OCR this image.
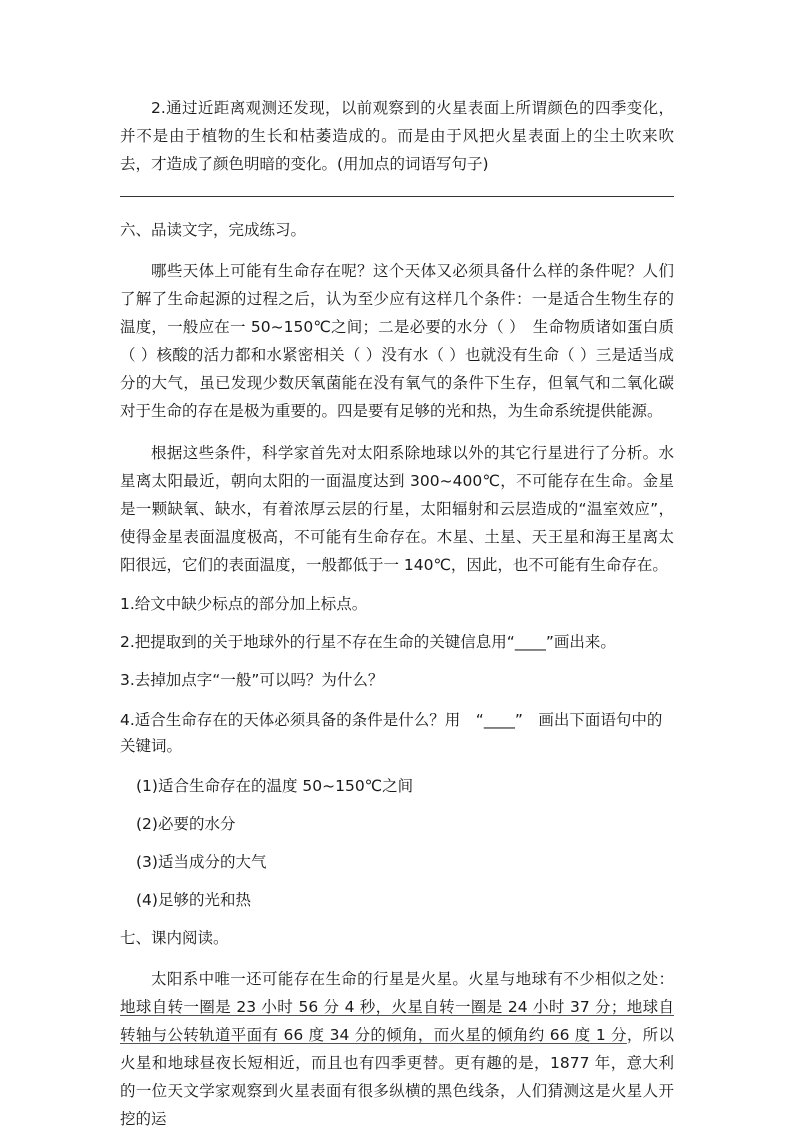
2.通过近距离观测还发现，以前观察到的火星表面上所谓颜色的四季变化，并不是由于植物的生长和枯萎造成的。而是由于风把火星表面上的尘土吹来吹去，才造成了颜色明暗的变化。(用加点的词语写句子)

六、品读文字，完成练习。

哪些天体上可能有生命存在呢？这个天体又必须具备什么样的条件呢？人们了解了生命起源的过程之后，认为至少应有这样几个条件：一是适合生物生存的温度，一般应在一 50~150℃之间；二是必要的水分（ ）　生命物质诸如蛋白质（ ）核酸的活力都和水紧密相关（ ）没有水（ ）也就没有生命（ ）三是适当成分的大气，虽已发现少数厌氧菌能在没有氧气的条件下生存，但氧气和二氧化碳对于生命的存在是极为重要的。四是要有足够的光和热，为生命系统提供能源。

根据这些条件，科学家首先对太阳系除地球以外的其它行星进行了分析。水星离太阳最近，朝向太阳的一面温度达到 300~400℃，不可能存在生命。金星是一颗缺氧、缺水，有着浓厚云层的行星，太阳辐射和云层造成的“温室效应”，使得金星表面温度极高，不可能有生命存在。木星、土星、天王星和海王星离太阳很远，它们的表面温度，一般都低于一 140℃，因此，也不可能有生命存在。

1.给文中缺少标点的部分加上标点。

2.把提取到的关于地球外的行星不存在生命的关键信息用“____”画出来。

3.去掉加点字“一般”可以吗？为什么？

4.适合生命存在的天体必须具备的条件是什么？用　“____”　画出下面语句中的关键词。

(1)适合生命存在的温度 50~150℃之间

(2)必要的水分

(3)适当成分的大气

(4)足够的光和热

七、课内阅读。

太阳系中唯一还可能存在生命的行星是火星。火星与地球有不少相似之处：地球自转一圈是 23 小时 56 分 4 秒，火星自转一圈是 24 小时 37 分；地球自转轴与公转轨道平面有 66 度 34 分的倾角，而火星的倾角约 66 度 1 分，所以火星和地球昼夜长短相近，而且也有四季更替。更有趣的是，1877 年，意大利的一位天文学家观察到火星表面有很多纵横的黑色线条，人们猜测这是火星人开挖的运
